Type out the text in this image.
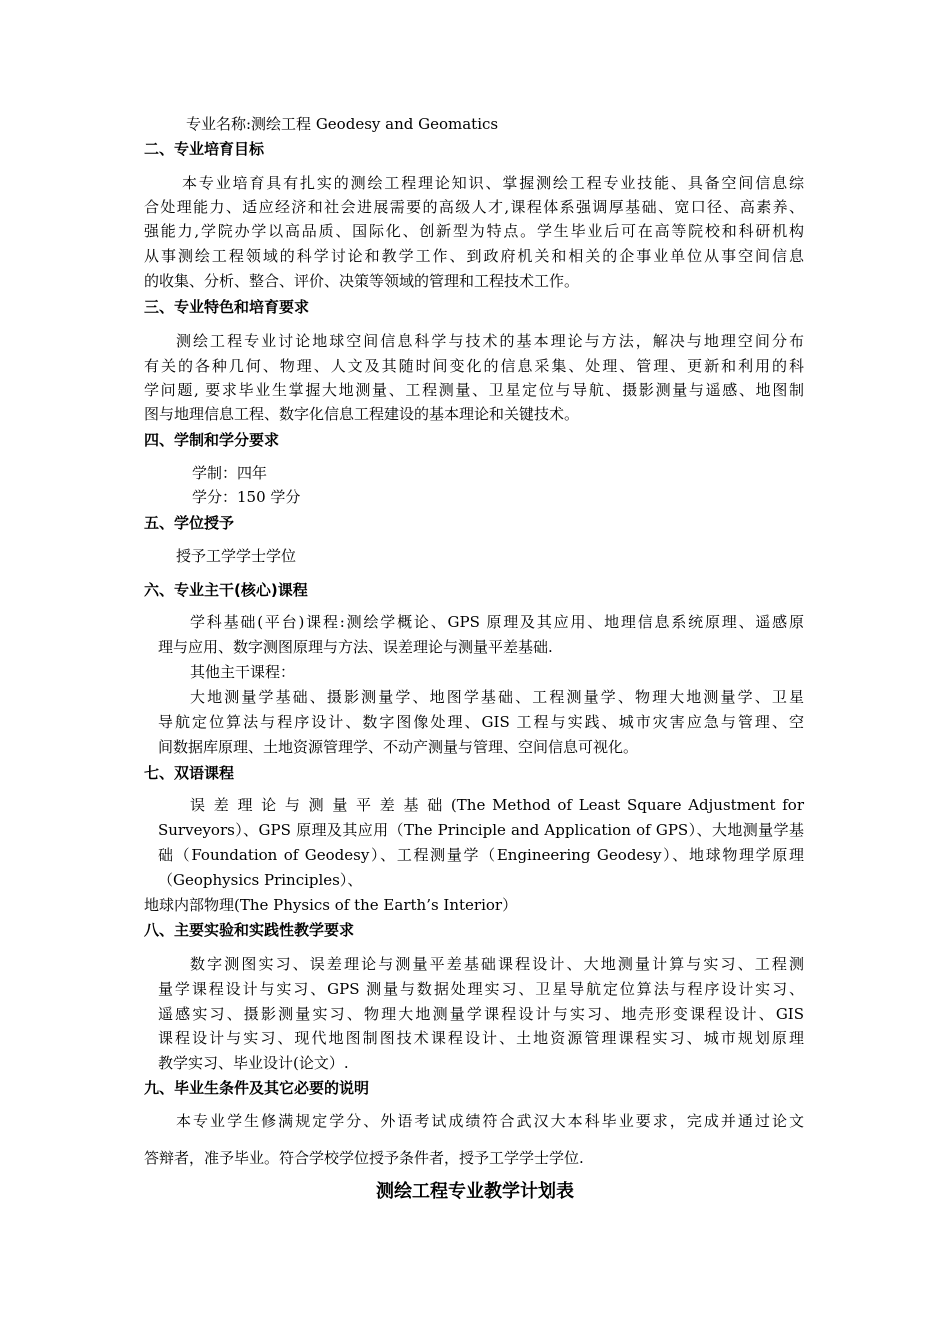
专业名称:测绘工程 Geodesy and Geomatics
二、专业培育目标
本专业培育具有扎实的测绘工程理论知识、掌握测绘工程专业技能、具备空间信息综
合处理能力、适应经济和社会进展需要的高级人才,课程体系强调厚基础、宽口径、高素养、
强能力,学院办学以高品质、国际化、创新型为特点。学生毕业后可在高等院校和科研机构
从事测绘工程领域的科学讨论和教学工作、到政府机关和相关的企事业单位从事空间信息
的收集、分析、整合、评价、决策等领域的管理和工程技术工作。
三、专业特色和培育要求
测绘工程专业讨论地球空间信息科学与技术的基本理论与方法，解决与地理空间分布
有关的各种几何、物理、人文及其随时间变化的信息采集、处理、管理、更新和利用的科
学问题, 要求毕业生掌握大地测量、工程测量、卫星定位与导航、摄影测量与遥感、地图制
图与地理信息工程、数字化信息工程建设的基本理论和关键技术。
四、学制和学分要求
学制：四年
学分：150 学分
五、学位授予
授予工学学士学位
六、专业主干(核心)课程
学科基础(平台)课程:测绘学概论、GPS 原理及其应用、地理信息系统原理、遥感原
理与应用、数字测图原理与方法、误差理论与测量平差基础.
其他主干课程：
大地测量学基础、摄影测量学、地图学基础、工程测量学、物理大地测量学、卫星
导航定位算法与程序设计、数字图像处理、GIS 工程与实践、城市灾害应急与管理、空
间数据库原理、土地资源管理学、不动产测量与管理、空间信息可视化。
七、双语课程
误 差 理 论 与 测 量 平 差 基 础 (The Method of Least Square Adjustment for
Surveyors）、GPS 原理及其应用（The Principle and Application of GPS）、大地测量学基
础（Foundation of Geodesy）、工程测量学（Engineering Geodesy）、地球物理学原理
（Geophysics Principles）、
地球内部物理(The Physics of the Earth’s Interior）
八、主要实验和实践性教学要求
数字测图实习、误差理论与测量平差基础课程设计、大地测量计算与实习、工程测
量学课程设计与实习、GPS 测量与数据处理实习、卫星导航定位算法与程序设计实习、
遥感实习、摄影测量实习、物理大地测量学课程设计与实习、地壳形变课程设计、GIS
课程设计与实习、现代地图制图技术课程设计、土地资源管理课程实习、城市规划原理
教学实习、毕业设计(论文）.
九、毕业生条件及其它必要的说明
本专业学生修满规定学分、外语考试成绩符合武汉大本科毕业要求，完成并通过论文
答辩者，准予毕业。符合学校学位授予条件者，授予工学学士学位.
测绘工程专业教学计划表
